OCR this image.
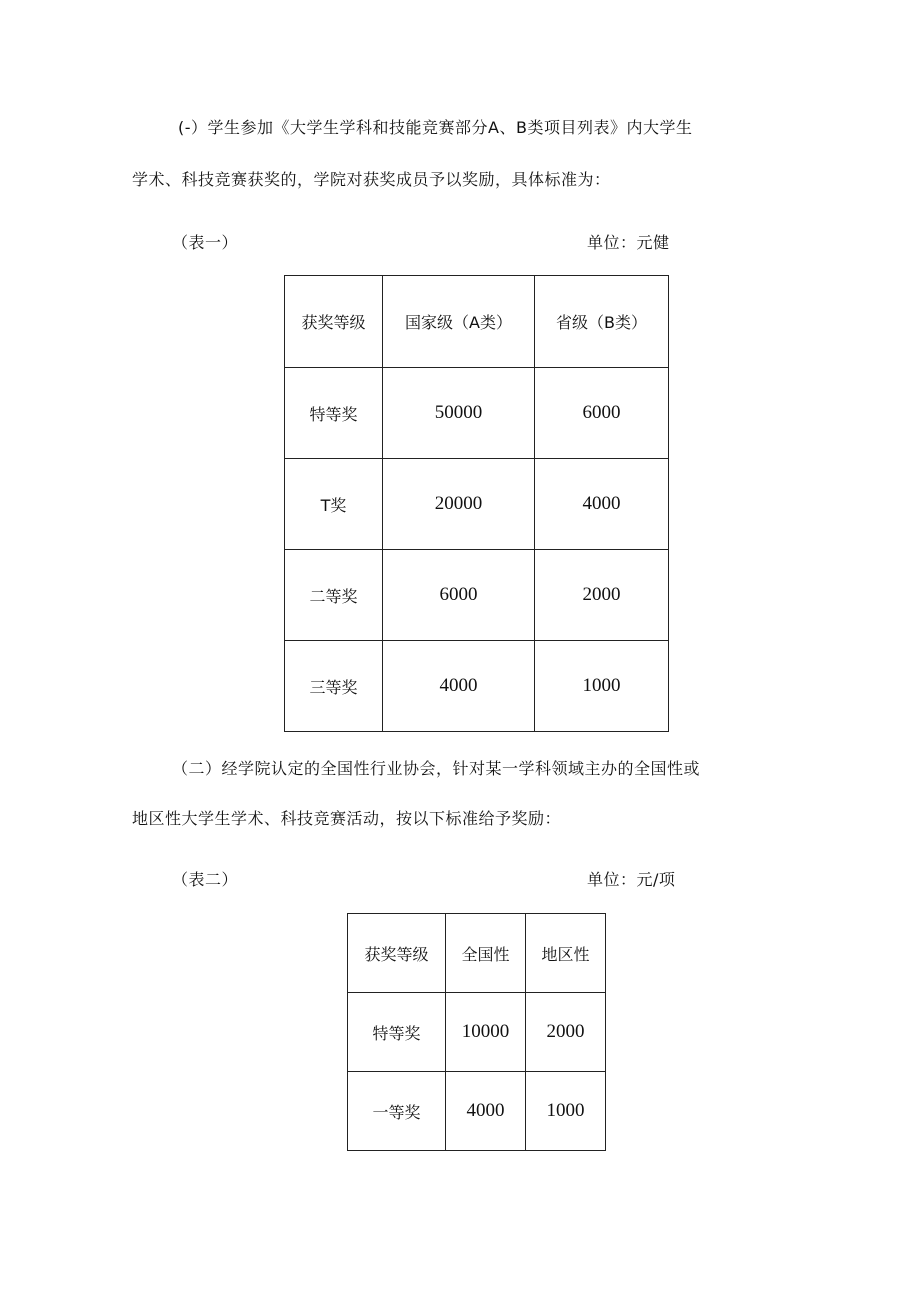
(-）学生参加《大学生学科和技能竞赛部分A、B类项目列表》内大学生
学术、科技竞赛获奖的，学院对获奖成员予以奖励，具体标准为：
（表一）	单位：元健
获奖等级	国家级（A类）	省级（B类）
特等奖	50000	6000
T奖	20000	4000
二等奖	6000	2000
三等奖	4000	1000
（二）经学院认定的全国性行业协会，针对某一学科领域主办的全国性或
地区性大学生学术、科技竞赛活动，按以下标准给予奖励：
（表二）	单位：元/项
获奖等级	全国性	地区性
特等奖	10000	2000
一等奖	4000	1000
